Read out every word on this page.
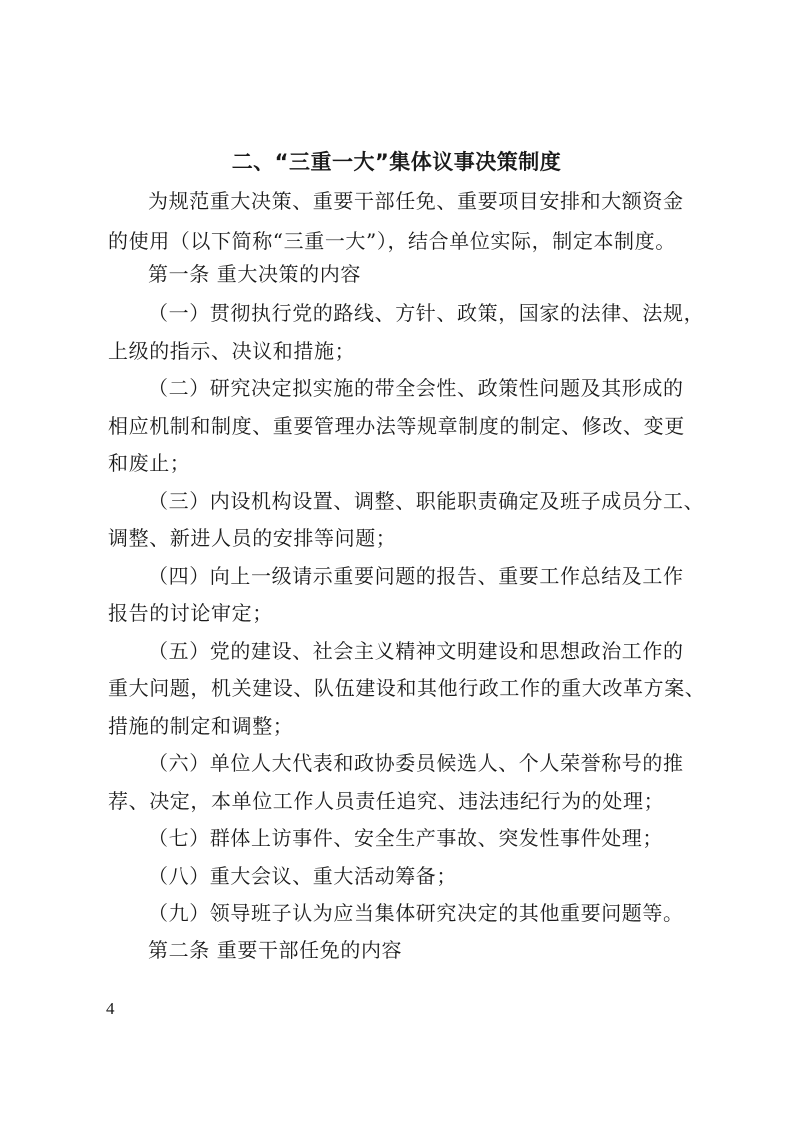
二、“三重一大”集体议事决策制度
为规范重大决策、重要干部任免、重要项目安排和大额资金
的使用（以下简称“三重一大”），结合单位实际，制定本制度。
第一条 重大决策的内容
（一）贯彻执行党的路线、方针、政策，国家的法律、法规，
上级的指示、决议和措施；
（二）研究决定拟实施的带全会性、政策性问题及其形成的
相应机制和制度、重要管理办法等规章制度的制定、修改、变更
和废止；
（三）内设机构设置、调整、职能职责确定及班子成员分工、
调整、新进人员的安排等问题；
（四）向上一级请示重要问题的报告、重要工作总结及工作
报告的讨论审定；
（五）党的建设、社会主义精神文明建设和思想政治工作的
重大问题，机关建设、队伍建设和其他行政工作的重大改革方案、
措施的制定和调整；
（六）单位人大代表和政协委员候选人、个人荣誉称号的推
荐、决定，本单位工作人员责任追究、违法违纪行为的处理；
（七）群体上访事件、安全生产事故、突发性事件处理；
（八）重大会议、重大活动筹备；
（九）领导班子认为应当集体研究决定的其他重要问题等。
第二条 重要干部任免的内容
4
